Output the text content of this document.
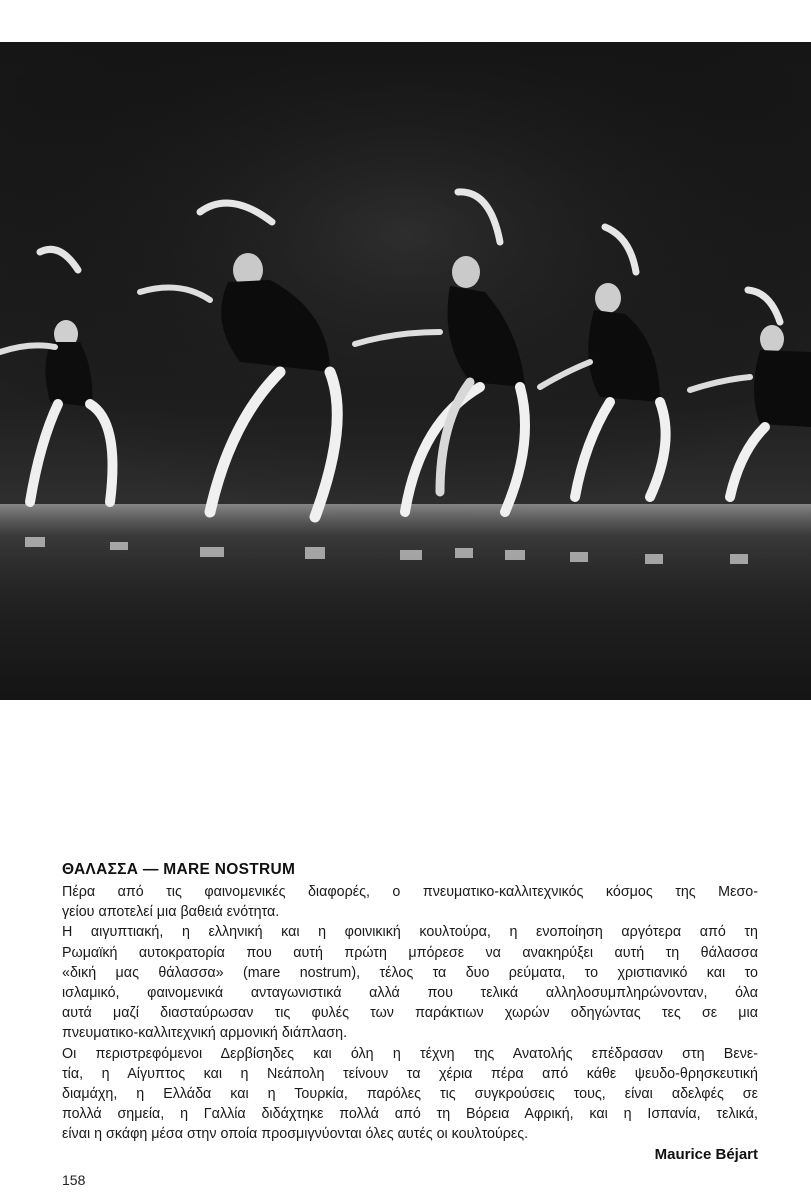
ΘΑΛΑΣΣΑ — MARE NOSTRUM

Πέρα από τις φαινομενικές διαφορές, ο πνευματικο-καλλιτεχνικός κόσμος της Μεσο-
γείου αποτελεί μια βαθειά ενότητα.

Η αιγυπτιακή, η ελληνική και η φοινικική κουλτούρα, η ενοποίηση αργότερα από τη
Ρωμαϊκή αυτοκρατορία που αυτή πρώτη μπόρεσε να ανακηρύξει αυτή τη θάλασσα
«δική μας θάλασσα» (mare nostrum), τέλος τα δυο ρεύματα, το χριστιανικό και το
ισλαμικό, φαινομενικά ανταγωνιστικά αλλά που τελικά αλληλοσυμπληρώνονταν, όλα
αυτά μαζί διασταύρωσαν τις φυλές των παράκτιων χωρών οδηγώντας τες σε μια
πνευματικο-καλλιτεχνική αρμονική διάπλαση.

Οι περιστρεφόμενοι Δερβίσηδες και όλη η τέχνη της Ανατολής επέδρασαν στη Βενε-
τία, η Αίγυπτος και η Νεάπολη τείνουν τα χέρια πέρα από κάθε ψευδο-θρησκευτική
διαμάχη, η Ελλάδα και η Τουρκία, παρόλες τις συγκρούσεις τους, είναι αδελφές σε
πολλά σημεία, η Γαλλία διδάχτηκε πολλά από τη Βόρεια Αφρική, και η Ισπανία, τελικά,
είναι η σκάφη μέσα στην οποία προσμιγνύονται όλες αυτές οι κουλτούρες.

Maurice Béjart
158
